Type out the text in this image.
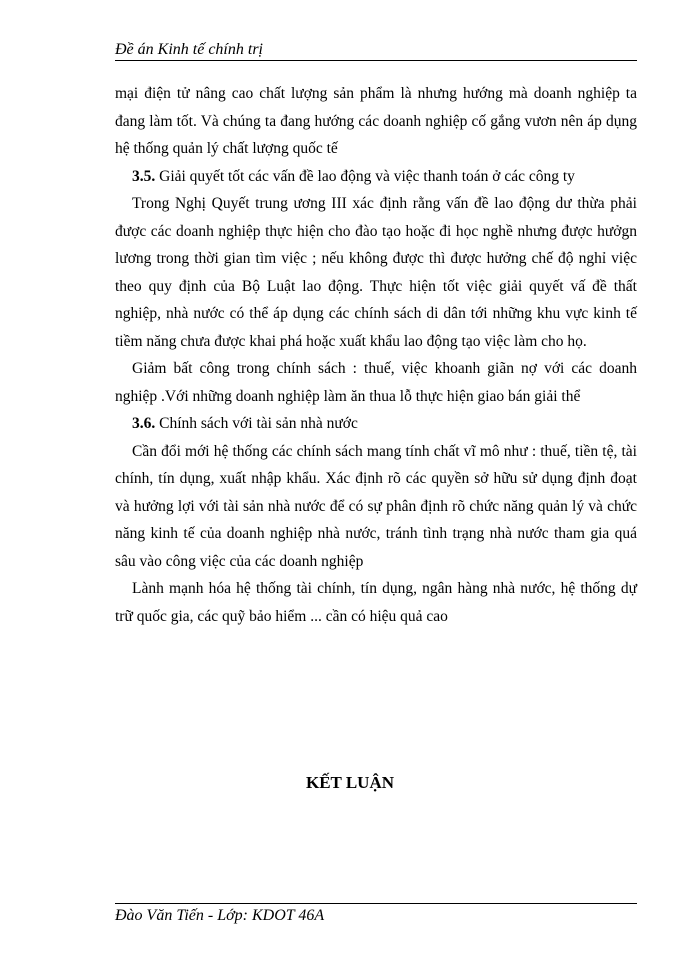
Đề án Kinh tế chính trị

mại điện tử nâng cao chất lượng sản phẩm là nhưng hướng mà doanh nghiệp ta đang làm tốt. Và chúng ta đang hướng các doanh nghiệp cố gắng vươn nên áp dụng hệ thống quản lý chất lượng quốc tế

3.5. Giải quyết tốt các vấn đề lao động và việc thanh toán ở các công ty

Trong Nghị Quyết trung ương III xác định rằng vấn đề lao động dư thừa phải được các doanh nghiệp thực hiện cho đào tạo hoặc đi học nghề nhưng được hưởgn lương trong thời gian tìm việc ; nếu không được thì được hưởng chế độ nghỉ việc theo quy định của Bộ Luật lao động. Thực hiện tốt việc giải quyết vấ đề thất nghiệp, nhà nước có thể áp dụng các chính sách di dân tới những khu vực kinh tế tiềm năng chưa được khai phá hoặc xuất khẩu lao động tạo việc làm cho họ.

Giảm bất công trong chính sách : thuế, việc khoanh giãn nợ với các doanh nghiệp .Với những doanh nghiệp làm ăn thua lỗ thực hiện giao bán giải thể

3.6. Chính sách với tài sản nhà nước

Cần đổi mới hệ thống các chính sách mang tính chất vĩ mô như : thuế, tiền tệ, tài chính, tín dụng, xuất nhập khẩu. Xác định rõ các quyền sở hữu sử dụng định đoạt và hưởng lợi với tài sản nhà nước để có sự phân định rõ chức năng quản lý và chức năng kinh tế của doanh nghiệp nhà nước, tránh tình trạng nhà nước tham gia quá sâu vào công việc của các doanh nghiệp

Lành mạnh hóa hệ thống tài chính, tín dụng, ngân hàng nhà nước, hệ thống dự trữ quốc gia, các quỹ bảo hiểm ... cần có hiệu quả cao

KẾT LUẬN
Đào Văn Tiến - Lớp: KDOT 46A
